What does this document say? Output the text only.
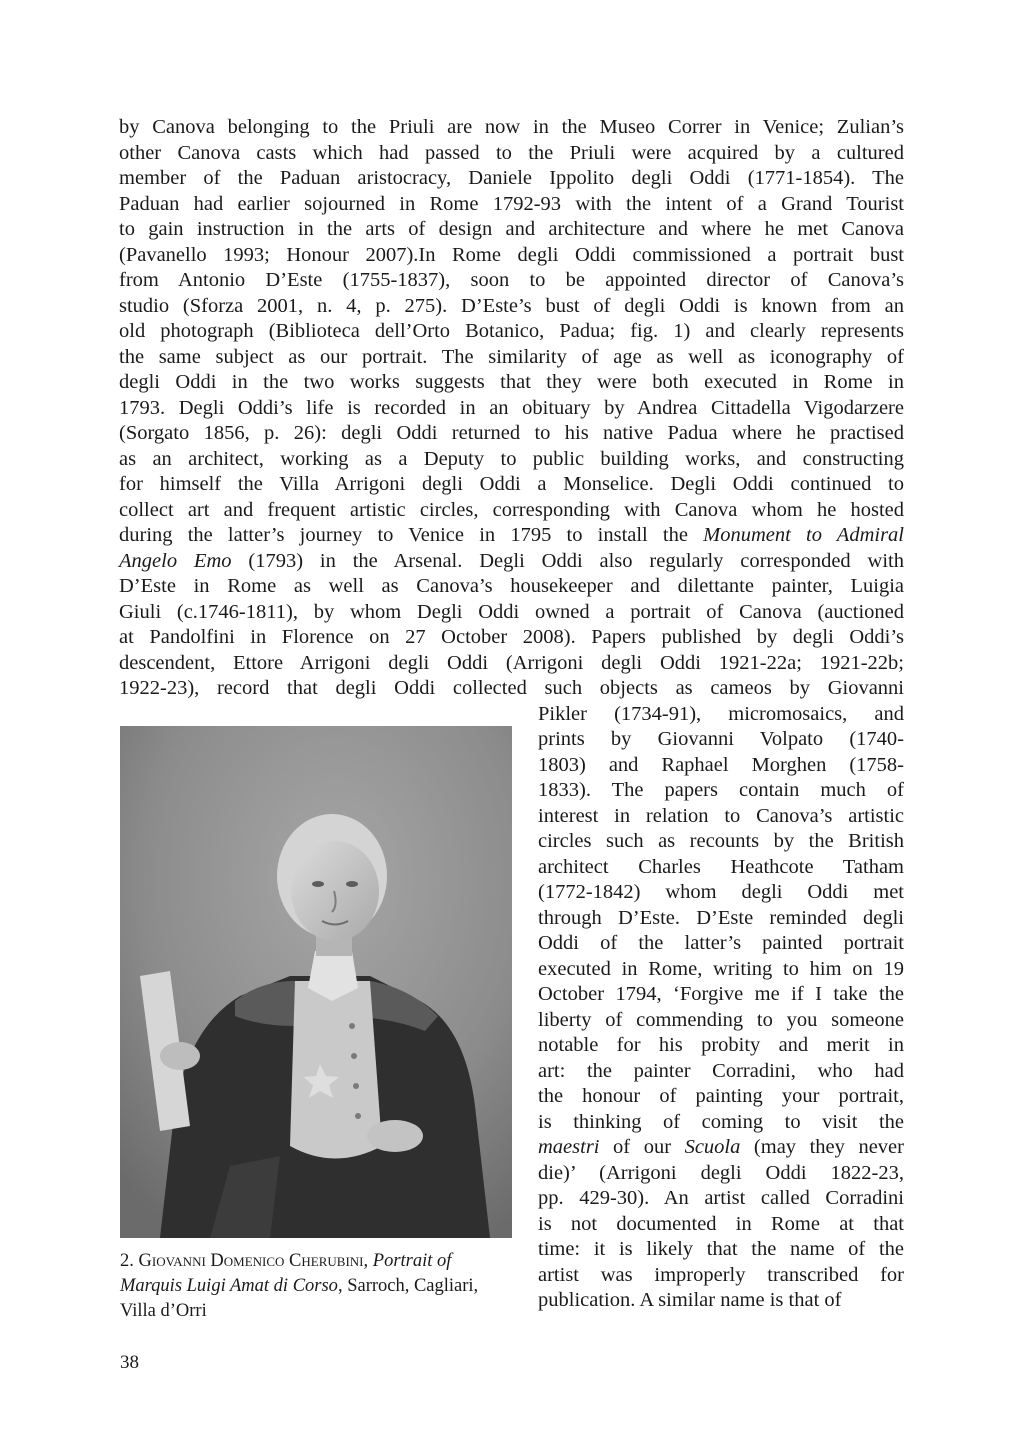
by Canova belonging to the Priuli are now in the Museo Correr in Venice; Zulian’s
other Canova casts which had passed to the Priuli were acquired by a cultured
member of the Paduan aristocracy, Daniele Ippolito degli Oddi (1771-1854). The
Paduan had earlier sojourned in Rome 1792-93 with the intent of a Grand Tourist
to gain instruction in the arts of design and architecture and where he met Canova
(Pavanello 1993; Honour 2007).In Rome degli Oddi commissioned a portrait bust
from Antonio D’Este (1755-1837), soon to be appointed director of Canova’s
studio (Sforza 2001, n. 4, p. 275). D’Este’s bust of degli Oddi is known from an
old photograph (Biblioteca dell’Orto Botanico, Padua; fig. 1) and clearly represents
the same subject as our portrait. The similarity of age as well as iconography of
degli Oddi in the two works suggests that they were both executed in Rome in
1793. Degli Oddi’s life is recorded in an obituary by Andrea Cittadella Vigodarzere
(Sorgato 1856, p. 26): degli Oddi returned to his native Padua where he practised
as an architect, working as a Deputy to public building works, and constructing
for himself the Villa Arrigoni degli Oddi a Monselice. Degli Oddi continued to
collect art and frequent artistic circles, corresponding with Canova whom he hosted
during the latter’s journey to Venice in 1795 to install the Monument to Admiral
Angelo Emo (1793) in the Arsenal. Degli Oddi also regularly corresponded with
D’Este in Rome as well as Canova’s housekeeper and dilettante painter, Luigia
Giuli (c.1746-1811), by whom Degli Oddi owned a portrait of Canova (auctioned
at Pandolfini in Florence on 27 October 2008). Papers published by degli Oddi’s
descendent, Ettore Arrigoni degli Oddi (Arrigoni degli Oddi 1921-22a; 1921-22b;
1922-23), record that degli Oddi collected such objects as cameos by Giovanni
Pikler (1734-91), micromosaics, and
prints by Giovanni Volpato (1740-
1803) and Raphael Morghen (1758-
1833). The papers contain much of
interest in relation to Canova’s artistic
circles such as recounts by the British
architect Charles Heathcote Tatham
(1772-1842) whom degli Oddi met
through D’Este. D’Este reminded degli
Oddi of the latter’s painted portrait
executed in Rome, writing to him on 19
October 1794, ‘Forgive me if I take the
liberty of commending to you someone
notable for his probity and merit in
art: the painter Corradini, who had
the honour of painting your portrait,
is thinking of coming to visit the
maestri of our Scuola (may they never
die)’ (Arrigoni degli Oddi 1822-23,
pp. 429-30). An artist called Corradini
is not documented in Rome at that
time: it is likely that the name of the
artist was improperly transcribed for
publication. A similar name is that of
2. Giovanni Domenico Cherubini, Portrait of
Marquis Luigi Amat di Corso, Sarroch, Cagliari,
Villa d’Orri
38
